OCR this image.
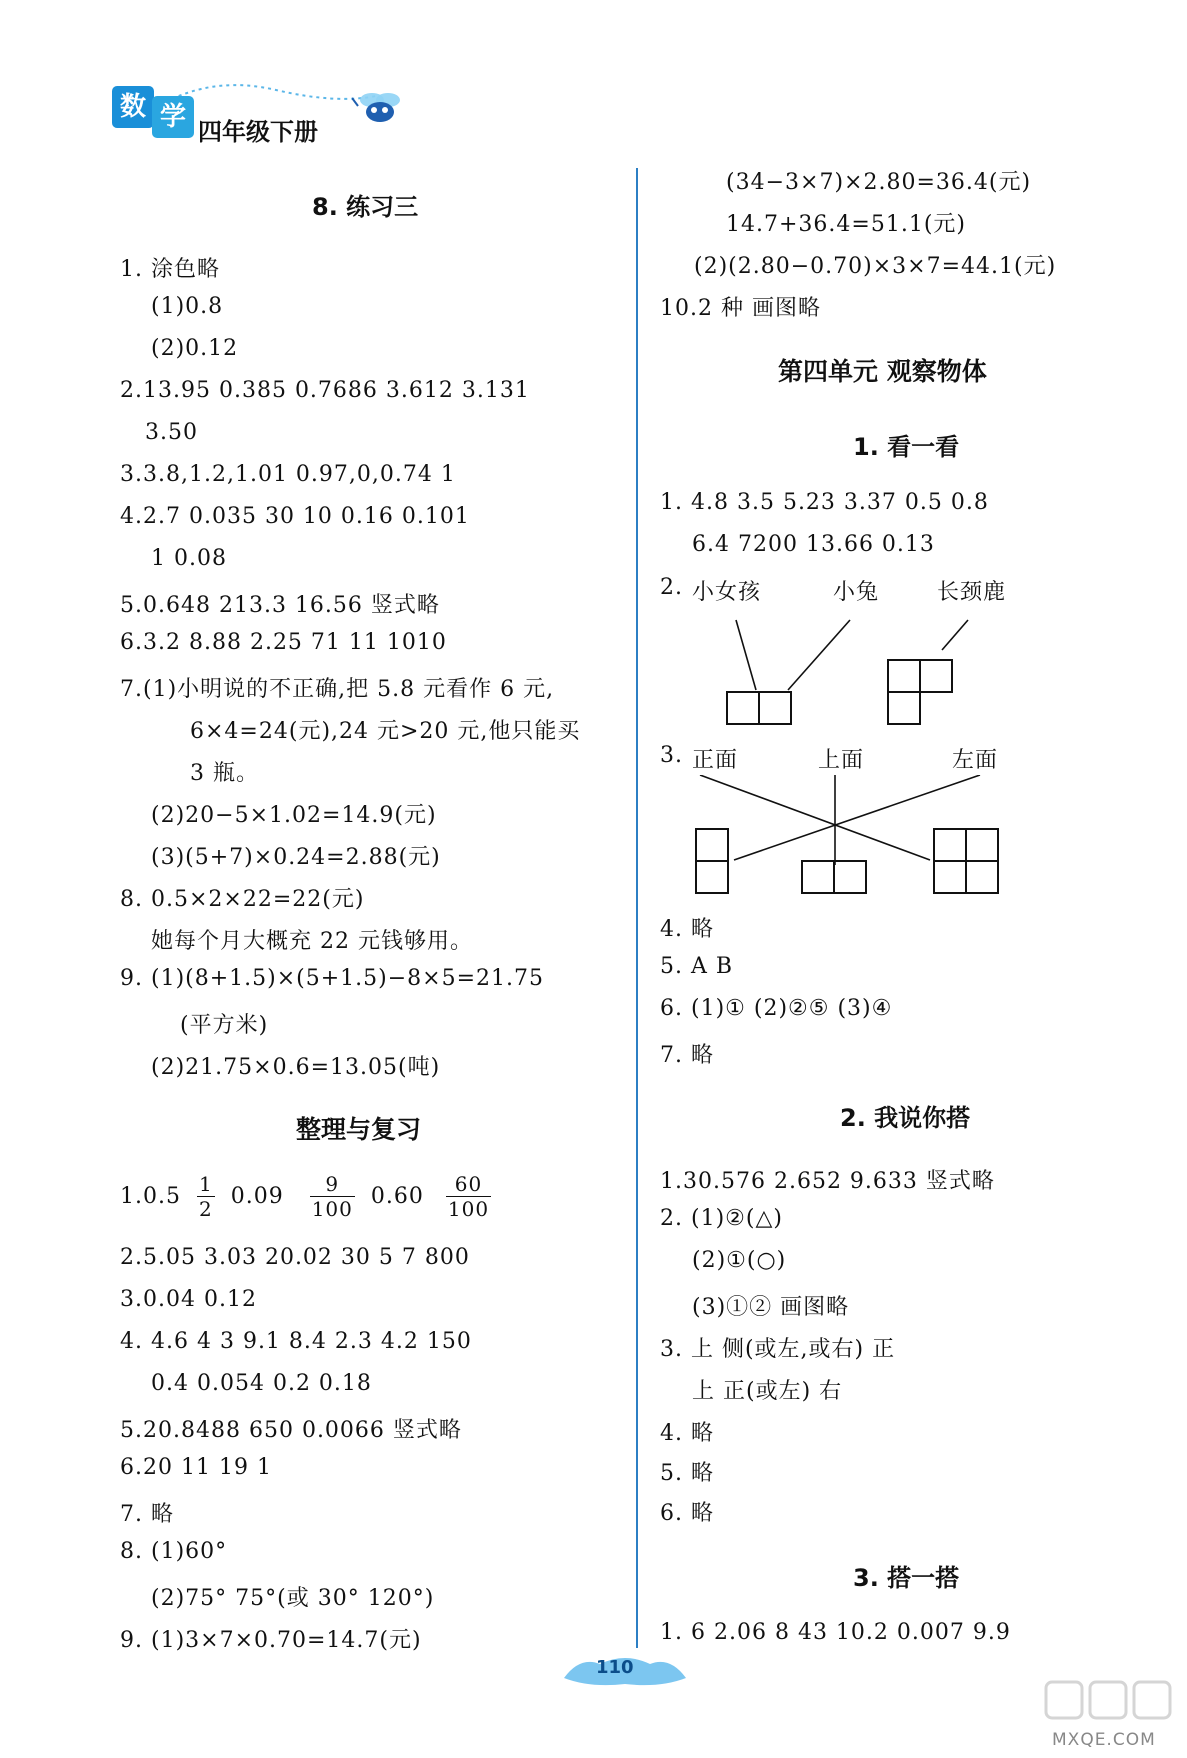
数 学 四年级下册
8. 练习三
1. 涂色略
(1)0.8
(2)0.12
2.13.95 0.385 0.7686 3.612 3.131
3.50
3.3.8,1.2,1.01 0.97,0,0.74 1
4.2.7 0.035 30 10 0.16 0.101
1 0.08
5.0.648 213.3 16.56 竖式略
6.3.2 8.88 2.25 71 11 1010
7.(1)小明说的不正确,把 5.8 元看作 6 元,
6×4=24(元),24 元>20 元,他只能买
3 瓶。
(2)20−5×1.02=14.9(元)
(3)(5+7)×0.24=2.88(元)
8. 0.5×2×22=22(元)
她每个月大概充 22 元钱够用。
9. (1)(8+1.5)×(5+1.5)−8×5=21.75
(平方米)
(2)21.75×0.6=13.05(吨)
整理与复习
$1.0.5 \frac{1}{2} 0.09 \frac{9}{100} 0.60 \frac{60}{100}$
2.5.05 3.03 20.02 30 5 7 800
3.0.04 0.12
4. 4.6 4 3 9.1 8.4 2.3 4.2 150
0.4 0.054 0.2 0.18
5.20.8488 650 0.0066 竖式略
6.20 11 19 1
7. 略
8. (1)60°
(2)75° 75°(或 30° 120°)
9. (1)3×7×0.70=14.7(元)
(34−3×7)×2.80=36.4(元)
14.7+36.4=51.1(元)
(2)(2.80−0.70)×3×7=44.1(元)
10.2 种 画图略
第四单元 观察物体
1. 看一看
1. 4.8 3.5 5.23 3.37 0.5 0.8
6.4 7200 13.66 0.13
2. 小女孩	小兔	长颈鹿
3. 正面	上面	左面
4. 略
5. A B
6. (1)① (2)②⑤ (3)④
7. 略
2. 我说你搭
1.30.576 2.652 9.633 竖式略
2. (1)②(△)
(2)①(○)
(3)①② 画图略
3. 上 侧(或左,或右) 正
上 正(或左) 右
4. 略
5. 略
6. 略
3. 搭一搭
1. 6 2.06 8 43 10.2 0.007 9.9
110
MXQE.COM
